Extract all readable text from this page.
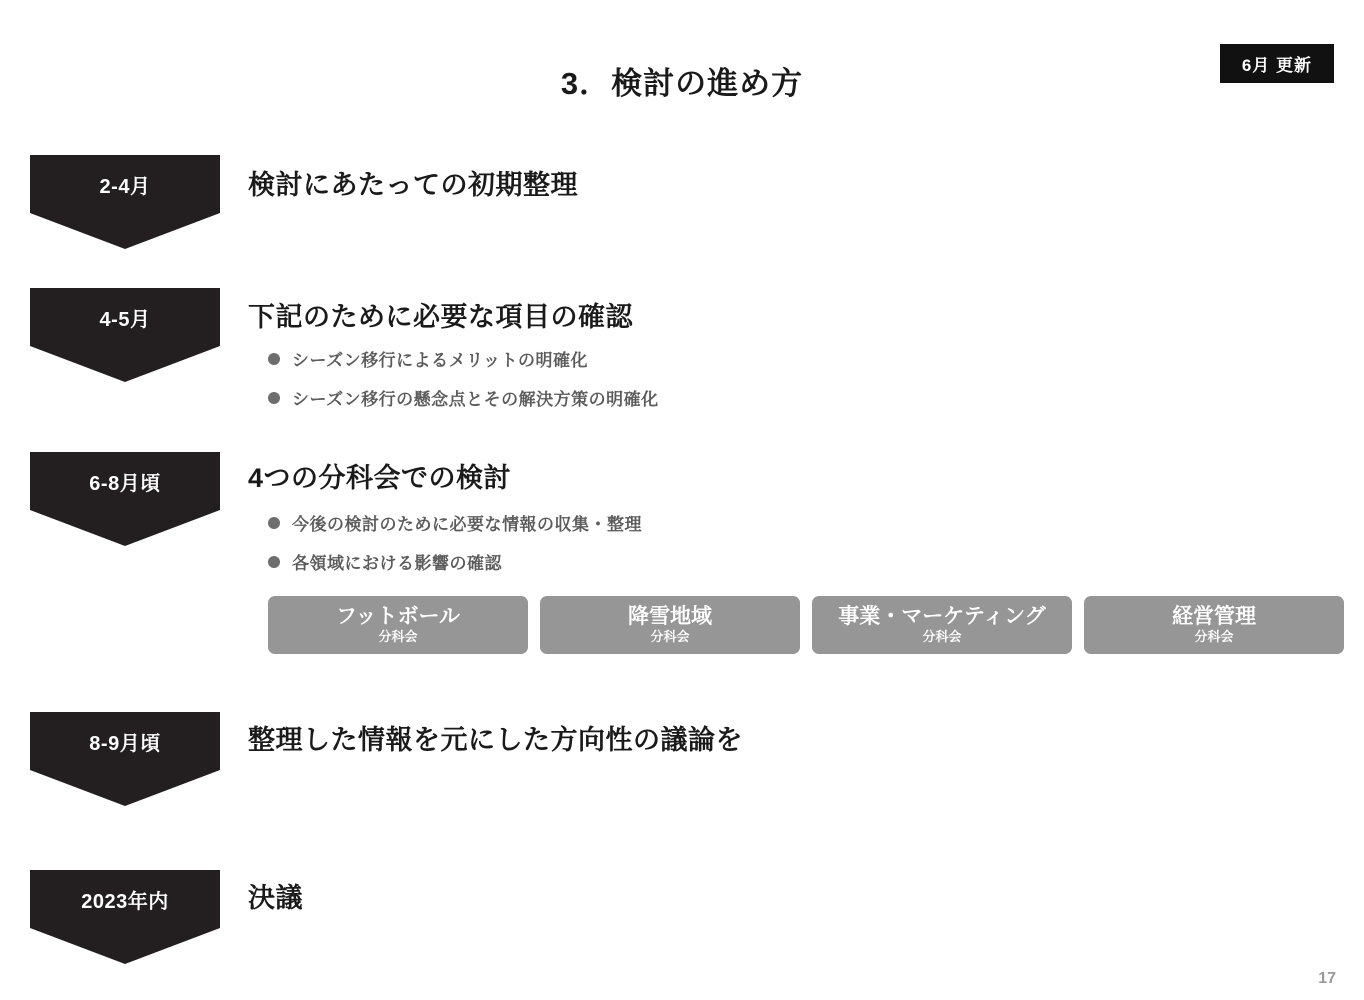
3．検討の進め方
6月 更新
2-4月	検討にあたっての初期整理
4-5月	下記のために必要な項目の確認
シーズン移行によるメリットの明確化
シーズン移行の懸念点とその解決方策の明確化
6-8月頃	4つの分科会での検討
今後の検討のために必要な情報の収集・整理
各領域における影響の確認
フットボール
分科会
降雪地域
分科会
事業・マーケティング
分科会
経営管理
分科会
8-9月頃	整理した情報を元にした方向性の議論を
2023年内	決議
17
